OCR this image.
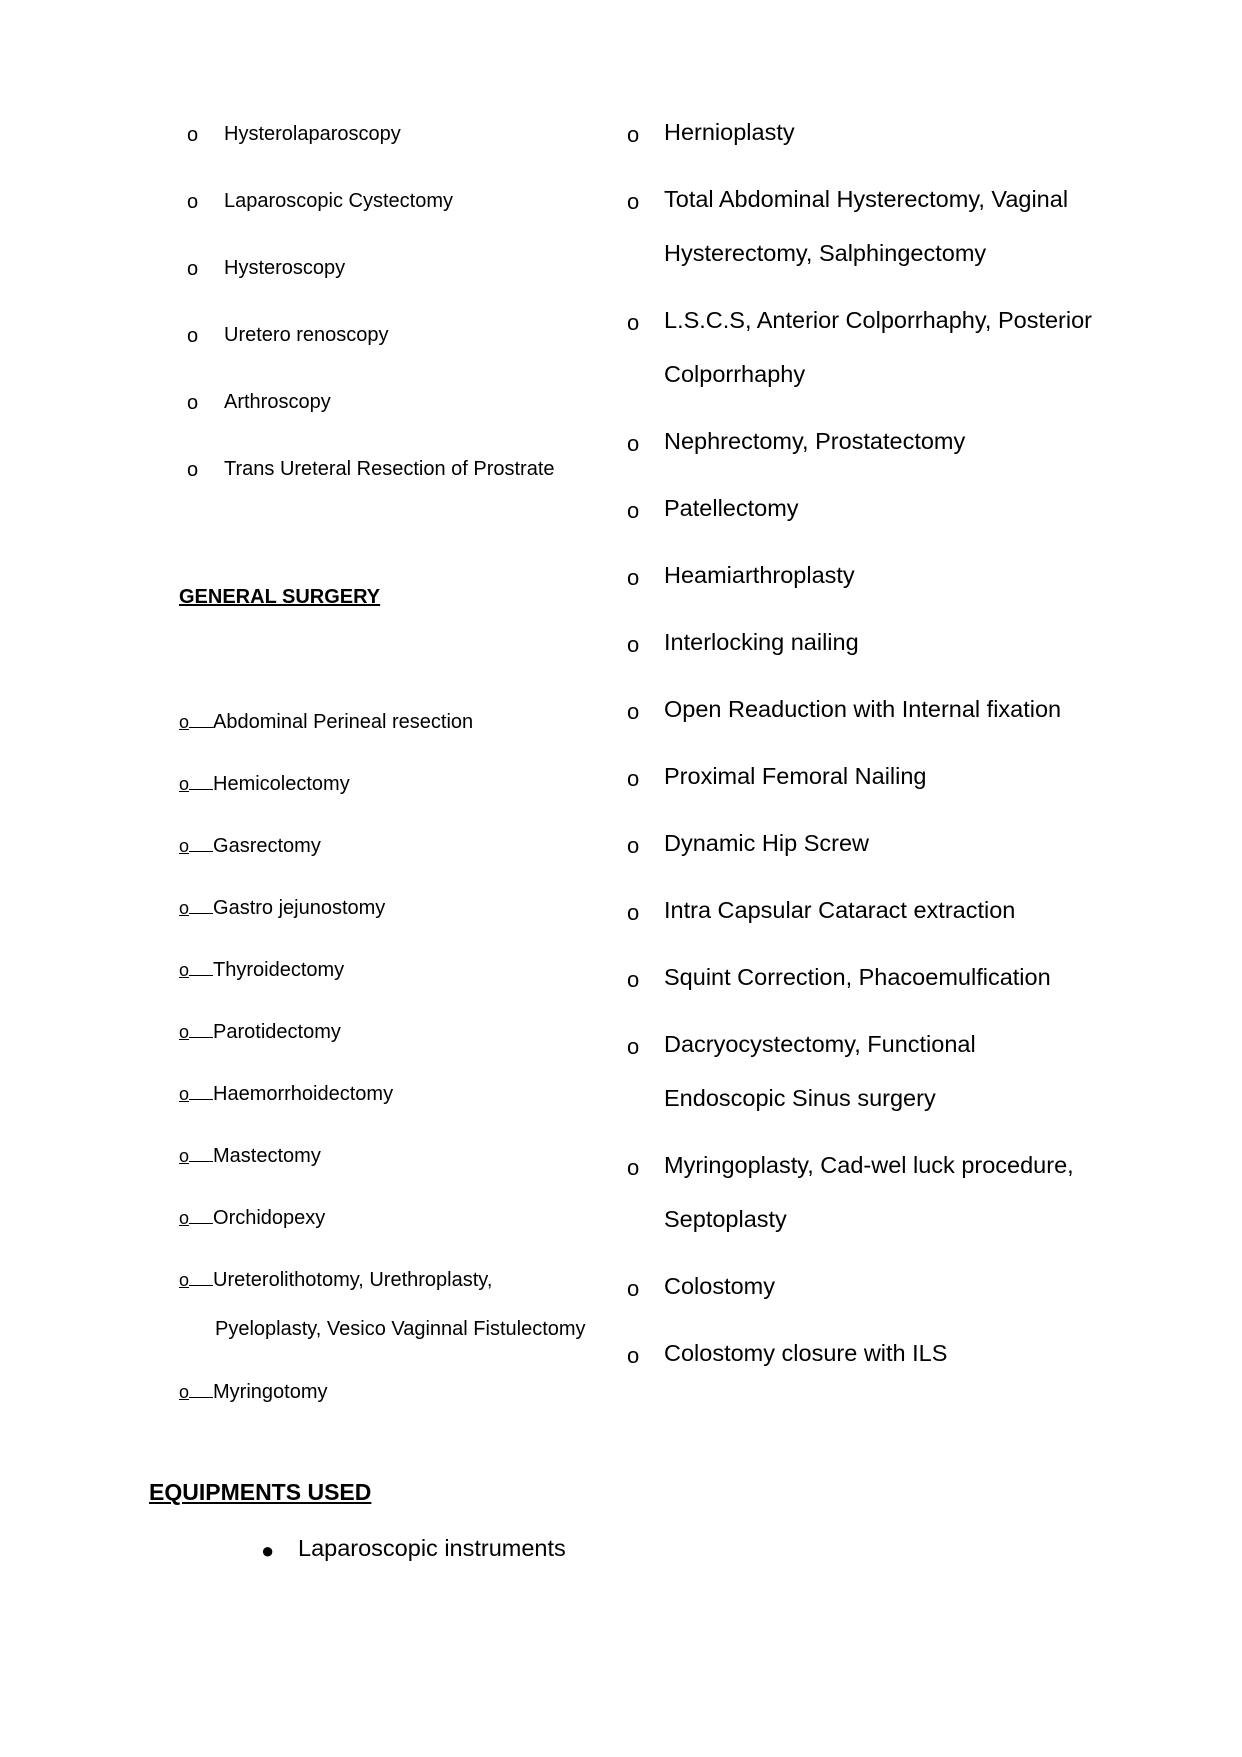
o Hysterolaparoscopy
o Laparoscopic Cystectomy
o Hysteroscopy
o Uretero renoscopy
o Arthroscopy
o Trans Ureteral Resection of Prostrate
GENERAL SURGERY
o Abdominal Perineal resection
o Hemicolectomy
o Gasrectomy
o Gastro jejunostomy
o Thyroidectomy
o Parotidectomy
o Haemorrhoidectomy
o Mastectomy
o Orchidopexy
o Ureterolithotomy, Urethroplasty,
Pyeloplasty, Vesico Vaginnal Fistulectomy
o Myringotomy
o Hernioplasty
o Total Abdominal Hysterectomy, Vaginal
Hysterectomy, Salphingectomy
o L.S.C.S, Anterior Colporrhaphy, Posterior
Colporrhaphy
o Nephrectomy, Prostatectomy
o Patellectomy
o Heamiarthroplasty
o Interlocking nailing
o Open Readuction with Internal fixation
o Proximal Femoral Nailing
o Dynamic Hip Screw
o Intra Capsular Cataract extraction
o Squint Correction, Phacoemulfication
o Dacryocystectomy, Functional
Endoscopic Sinus surgery
o Myringoplasty, Cad-wel luck procedure,
Septoplasty
o Colostomy
o Colostomy closure with ILS
EQUIPMENTS USED
● Laparoscopic instruments
